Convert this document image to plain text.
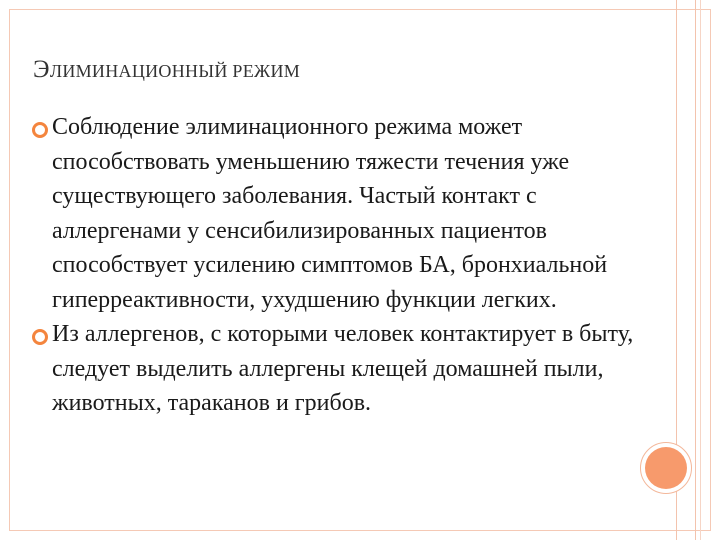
ЭЛИМИНАЦИОННЫЙ РЕЖИМ
Соблюдение элиминационного режима может способствовать уменьшению тяжести течения уже существующего заболевания. Частый контакт с аллергенами у сенсибилизированных пациентов способствует усилению симптомов БА, бронхиальной гиперреактивности, ухудшению функции легких.
Из аллергенов, с которыми человек контактирует в быту, следует выделить аллергены клещей домашней пыли, животных, тараканов и грибов.
